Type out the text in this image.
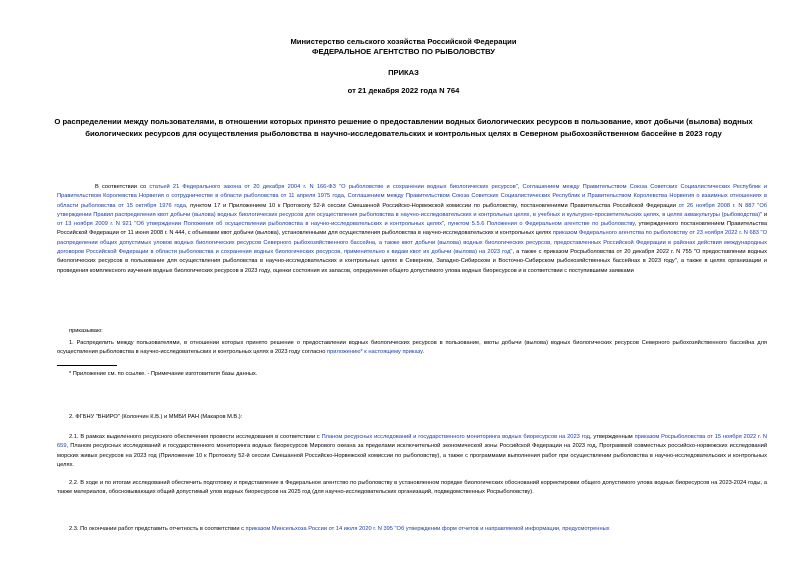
Министерство сельского хозяйства Российской Федерации
ФЕДЕРАЛЬНОЕ АГЕНТСТВО ПО РЫБОЛОВСТВУ
ПРИКАЗ
от 21 декабря 2022 года N 764
О распределении между пользователями, в отношении которых принято решение о предоставлении водных биологических ресурсов в пользование, квот добычи (вылова) водных биологических ресурсов для осуществления рыболовства в научно-исследовательских и контрольных целях в Северном рыбохозяйственном бассейне в 2023 году
В соответствии со статьей 21 Федерального закона от 20 декабря 2004 г. N 166-ФЗ "О рыболовстве и сохранении водных биологических ресурсов", Соглашением между Правительством Союза Советских Социалистических Республик и Правительством Королевства Норвегия о сотрудничестве в области рыболовства от 11 апреля 1975 года, Соглашением между Правительством Союза Советских Социалистических Республик и Правительством Королевства Норвегия о взаимных отношениях в области рыболовства от 15 октября 1976 года, пунктом 17 и Приложением 10 к Протоколу 52-й сессии Смешанной Российско-Норвежской комиссии по рыболовству, постановлениями Правительства Российской Федерации от 26 ноября 2008 г. N 887 "Об утверждении Правил распределения квот добычи (вылова) водных биологических ресурсов для осуществления рыболовства в научно-исследовательских и контрольных целях, в учебных и культурно-просветительских целях, в целях аквакультуры (рыбоводства)" и от 13 ноября 2009 г. N 921 "Об утверждении Положения об осуществлении рыболовства в научно-исследовательских и контрольных целях", пунктом 5.5.6 Положения о Федеральном агентстве по рыболовству, утвержденного постановлением Правительства Российской Федерации от 11 июня 2008 г. N 444, с объемами квот добычи (вылова), установленными для осуществления рыболовства в научно-исследовательских и контрольных целях приказом Федерального агентства по рыболовству от 23 ноября 2022 г. N 683 "О распределении общих допустимых уловов водных биологических ресурсов Северного рыбохозяйственного бассейна, а также квот добычи (вылова) водных биологических ресурсов, предоставленных Российской Федерации в районах действия международных договоров Российской Федерации в области рыболовства и сохранения водных биологических ресурсов, применительно к видам квот их добычи (вылова) на 2023 год", а также с приказом Росрыболовства от 20 декабря 2022 г. N 755 "О предоставлении водных биологических ресурсов в пользование для осуществления рыболовства в научно-исследовательских и контрольных целях в Северном, Западно-Сибирском и Восточно-Сибирском рыбохозяйственных бассейнах в 2023 году", а также в целях организации и проведения комплексного изучения водных биологических ресурсов в 2023 году, оценки состояния их запасов, определения общего допустимого улова водных биоресурсов и в соответствии с поступившими заявками
приказываю:
1. Распределить между пользователями, в отношении которых принято решение о предоставлении водных биологических ресурсов в пользование, квоты добычи (вылова) водных биологических ресурсов Северного рыбохозяйственного бассейна для осуществления рыболовства в научно-исследовательских и контрольных целях в 2023 году согласно приложению* к настоящему приказу.
* Приложение см. по ссылке. - Примечание изготовителя базы данных.
2. ФГБНУ "ВНИРО" (Колончин К.В.) и ММБИ РАН (Макаров М.В.):
2.1. В рамках выделенного ресурсного обеспечения провести исследования в соответствии с Планом ресурсных исследований и государственного мониторинга водных биоресурсов на 2023 год, утвержденным приказом Росрыболовства от 15 ноября 2022 г. N 659, Планом ресурсных исследований и государственного мониторинга водных биоресурсов Мирового океана за пределами исключительной экономической зоны Российской Федерации на 2023 год, Программой совместных российско-норвежских исследований морских живых ресурсов на 2023 год (Приложение 10 к Протоколу 52-й сессии Смешанной Российско-Норвежской комиссии по рыболовству), а также с программами выполнения работ при осуществлении рыболовства в научно-исследовательских и контрольных целях.
2.2. В ходе и по итогам исследований обеспечить подготовку и представление в Федеральное агентство по рыболовству в установленном порядке биологических обоснований корректировки общего допустимого улова водных биоресурсов на 2023-2024 годы, а также материалов, обосновывающих общий допустимый улов водных биоресурсов на 2025 год (для научно-исследовательских организаций, подведомственных Росрыболовству).
2.3. По окончании работ представить отчетность в соответствии с приказом Минсельхоза России от 14 июля 2020 г. N 395 "Об утверждении форм отчетов и направляемой информации, предусмотренных
